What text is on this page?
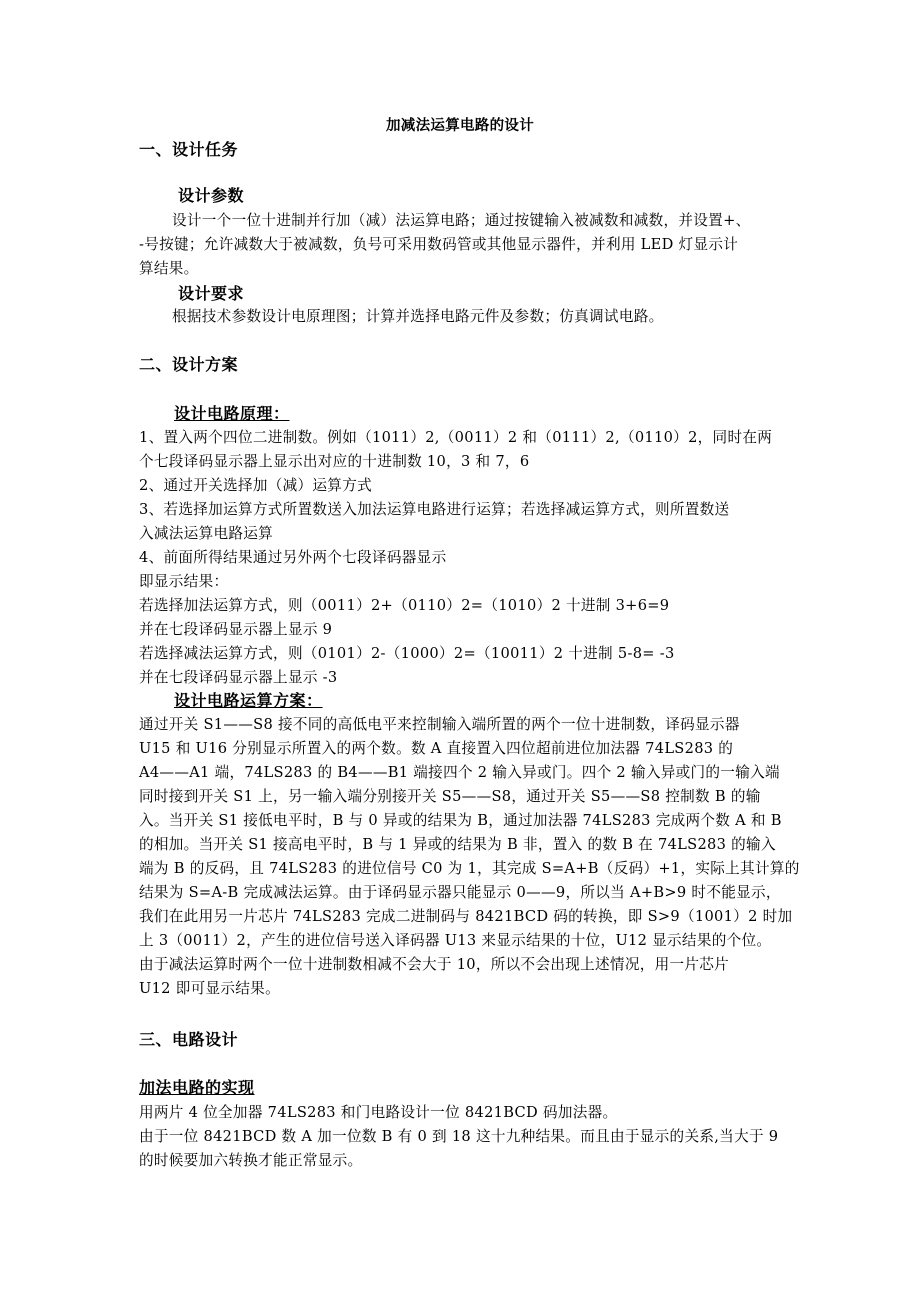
加减法运算电路的设计
一、设计任务
设计参数
设计一个一位十进制并行加（减）法运算电路；通过按键输入被减数和减数，并设置+、
-号按键；允许减数大于被减数，负号可采用数码管或其他显示器件，并利用 LED 灯显示计
算结果。
设计要求
根据技术参数设计电原理图；计算并选择电路元件及参数；仿真调试电路。
二、设计方案
设计电路原理：
1、置入两个四位二进制数。例如（1011）2,（0011）2 和（0111）2,（0110）2，同时在两
个七段译码显示器上显示出对应的十进制数 10，3 和 7，6
2、通过开关选择加（减）运算方式
3、若选择加运算方式所置数送入加法运算电路进行运算；若选择减运算方式，则所置数送
入减法运算电路运算
4、前面所得结果通过另外两个七段译码器显示
即显示结果：
若选择加法运算方式，则（0011）2+（0110）2=（1010）2 十进制 3+6=9
并在七段译码显示器上显示 9
若选择减法运算方式，则（0101）2-（1000）2=（10011）2 十进制 5-8= -3
并在七段译码显示器上显示 -3
设计电路运算方案：
通过开关 S1——S8 接不同的高低电平来控制输入端所置的两个一位十进制数，译码显示器
U15 和 U16 分别显示所置入的两个数。数 A 直接置入四位超前进位加法器 74LS283 的
A4——A1 端，74LS283 的 B4——B1 端接四个 2 输入异或门。四个 2 输入异或门的一输入端
同时接到开关 S1 上，另一输入端分别接开关 S5——S8，通过开关 S5——S8 控制数 B 的输
入。当开关 S1 接低电平时，B 与 0 异或的结果为 B，通过加法器 74LS283 完成两个数 A 和 B
的相加。当开关 S1 接高电平时，B 与 1 异或的结果为 B 非，置入 的数 B 在 74LS283 的输入
端为 B 的反码，且 74LS283 的进位信号 C0 为 1，其完成 S=A+B（反码）+1，实际上其计算的
结果为 S=A-B 完成减法运算。由于译码显示器只能显示 0——9，所以当 A+B>9 时不能显示，
我们在此用另一片芯片 74LS283 完成二进制码与 8421BCD 码的转换，即 S>9（1001）2 时加
上 3（0011）2，产生的进位信号送入译码器 U13 来显示结果的十位，U12 显示结果的个位。
由于减法运算时两个一位十进制数相减不会大于 10，所以不会出现上述情况，用一片芯片
U12 即可显示结果。
三、电路设计
加法电路的实现
用两片 4 位全加器 74LS283 和门电路设计一位 8421BCD 码加法器。
由于一位 8421BCD 数 A 加一位数 B 有 0 到 18 这十九种结果。而且由于显示的关系,当大于 9
的时候要加六转换才能正常显示。
